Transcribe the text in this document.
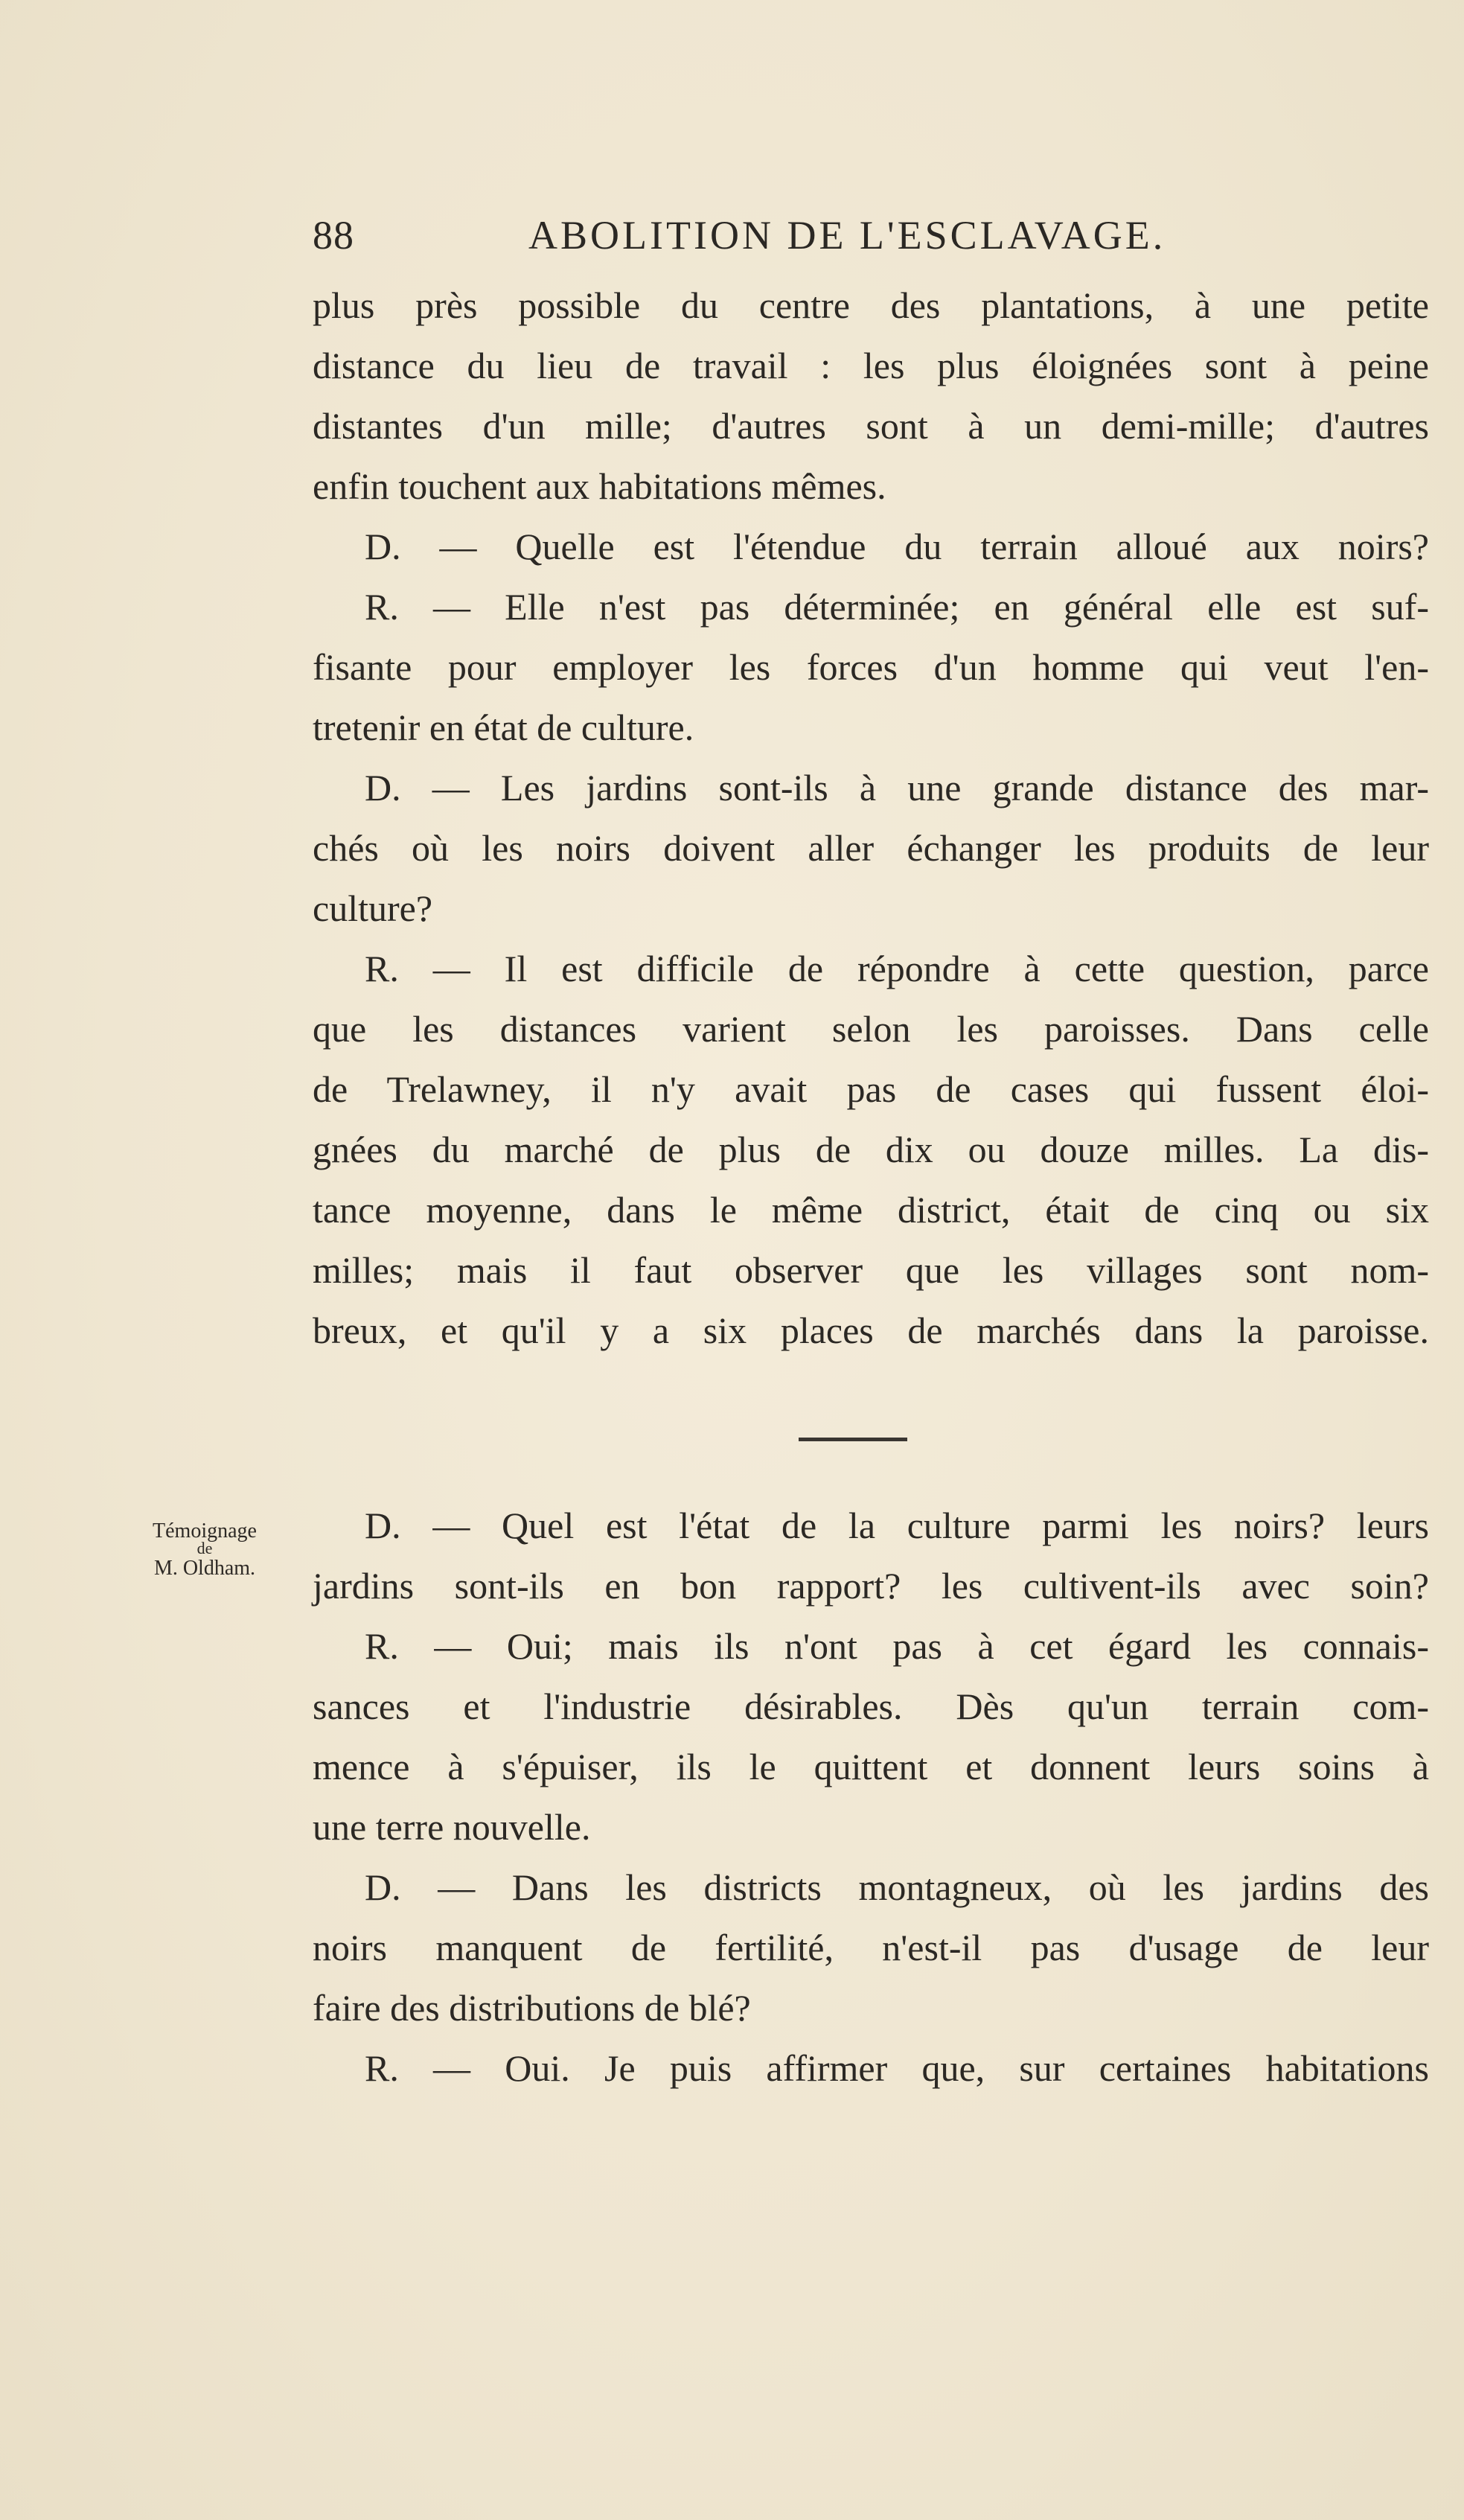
88	ABOLITION DE L'ESCLAVAGE.
plus près possible du centre des plantations, à une petite
distance du lieu de travail : les plus éloignées sont à peine
distantes d'un mille; d'autres sont à un demi-mille; d'autres
enfin touchent aux habitations mêmes.
D. — Quelle est l'étendue du terrain alloué aux noirs?
R. — Elle n'est pas déterminée; en général elle est suf-
fisante pour employer les forces d'un homme qui veut l'en-
tretenir en état de culture.
D. — Les jardins sont-ils à une grande distance des mar-
chés où les noirs doivent aller échanger les produits de leur
culture?
R. — Il est difficile de répondre à cette question, parce
que les distances varient selon les paroisses. Dans celle
de Trelawney, il n'y avait pas de cases qui fussent éloi-
gnées du marché de plus de dix ou douze milles. La dis-
tance moyenne, dans le même district, était de cinq ou six
milles; mais il faut observer que les villages sont nom-
breux, et qu'il y a six places de marchés dans la paroisse.
Témoignage
de
M. Oldham.
D. — Quel est l'état de la culture parmi les noirs? leurs
jardins sont-ils en bon rapport? les cultivent-ils avec soin?
R. — Oui; mais ils n'ont pas à cet égard les connais-
sances et l'industrie désirables. Dès qu'un terrain com-
mence à s'épuiser, ils le quittent et donnent leurs soins à
une terre nouvelle.
D. — Dans les districts montagneux, où les jardins des
noirs manquent de fertilité, n'est-il pas d'usage de leur
faire des distributions de blé?
R. — Oui. Je puis affirmer que, sur certaines habitations
